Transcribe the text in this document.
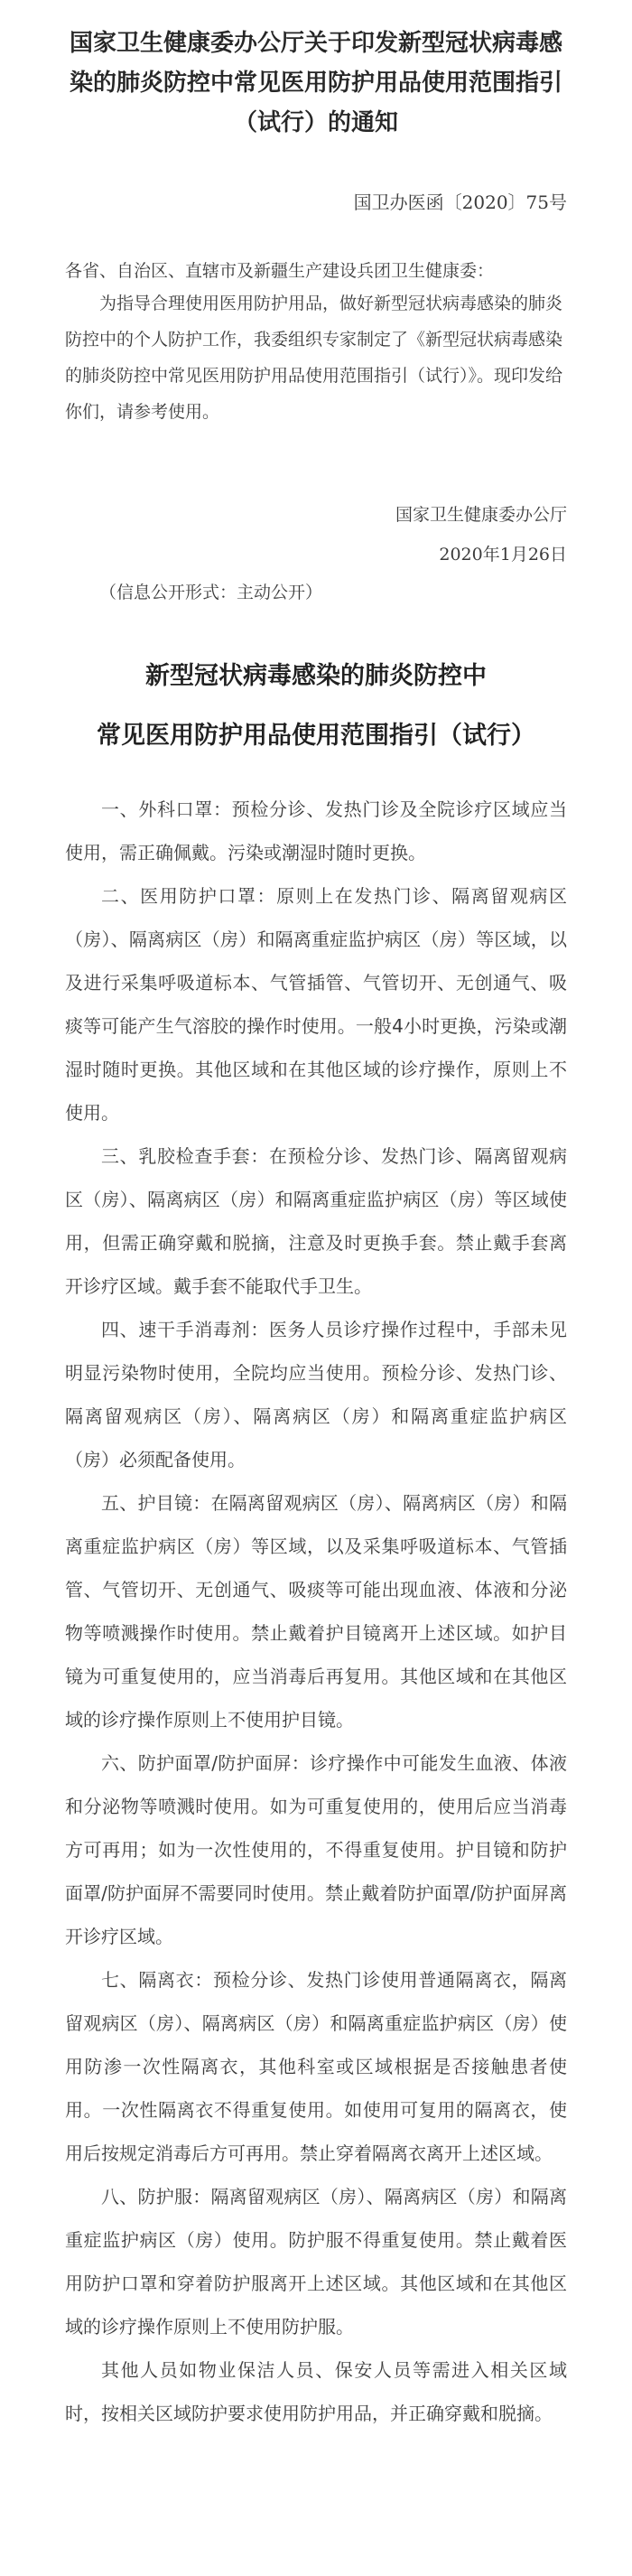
国家卫生健康委办公厅关于印发新型冠状病毒感染的肺炎防控中常见医用防护用品使用范围指引（试行）的通知

国卫办医函〔2020〕75号

各省、自治区、直辖市及新疆生产建设兵团卫生健康委：

为指导合理使用医用防护用品，做好新型冠状病毒感染的肺炎防控中的个人防护工作，我委组织专家制定了《新型冠状病毒感染的肺炎防控中常见医用防护用品使用范围指引（试行）》。现印发给你们，请参考使用。

国家卫生健康委办公厅

2020年1月26日

（信息公开形式：主动公开）

新型冠状病毒感染的肺炎防控中
常见医用防护用品使用范围指引（试行）

一、外科口罩：预检分诊、发热门诊及全院诊疗区域应当使用，需正确佩戴。污染或潮湿时随时更换。

二、医用防护口罩：原则上在发热门诊、隔离留观病区（房）、隔离病区（房）和隔离重症监护病区（房）等区域，以及进行采集呼吸道标本、气管插管、气管切开、无创通气、吸痰等可能产生气溶胶的操作时使用。一般4小时更换，污染或潮湿时随时更换。其他区域和在其他区域的诊疗操作，原则上不使用。

三、乳胶检查手套：在预检分诊、发热门诊、隔离留观病区（房）、隔离病区（房）和隔离重症监护病区（房）等区域使用，但需正确穿戴和脱摘，注意及时更换手套。禁止戴手套离开诊疗区域。戴手套不能取代手卫生。

四、速干手消毒剂：医务人员诊疗操作过程中，手部未见明显污染物时使用，全院均应当使用。预检分诊、发热门诊、隔离留观病区（房）、隔离病区（房）和隔离重症监护病区（房）必须配备使用。

五、护目镜：在隔离留观病区（房）、隔离病区（房）和隔离重症监护病区（房）等区域，以及采集呼吸道标本、气管插管、气管切开、无创通气、吸痰等可能出现血液、体液和分泌物等喷溅操作时使用。禁止戴着护目镜离开上述区域。如护目镜为可重复使用的，应当消毒后再复用。其他区域和在其他区域的诊疗操作原则上不使用护目镜。

六、防护面罩/防护面屏：诊疗操作中可能发生血液、体液和分泌物等喷溅时使用。如为可重复使用的，使用后应当消毒方可再用；如为一次性使用的，不得重复使用。护目镜和防护面罩/防护面屏不需要同时使用。禁止戴着防护面罩/防护面屏离开诊疗区域。

七、隔离衣：预检分诊、发热门诊使用普通隔离衣，隔离留观病区（房）、隔离病区（房）和隔离重症监护病区（房）使用防渗一次性隔离衣，其他科室或区域根据是否接触患者使用。一次性隔离衣不得重复使用。如使用可复用的隔离衣，使用后按规定消毒后方可再用。禁止穿着隔离衣离开上述区域。

八、防护服：隔离留观病区（房）、隔离病区（房）和隔离重症监护病区（房）使用。防护服不得重复使用。禁止戴着医用防护口罩和穿着防护服离开上述区域。其他区域和在其他区域的诊疗操作原则上不使用防护服。

其他人员如物业保洁人员、保安人员等需进入相关区域时，按相关区域防护要求使用防护用品，并正确穿戴和脱摘。
